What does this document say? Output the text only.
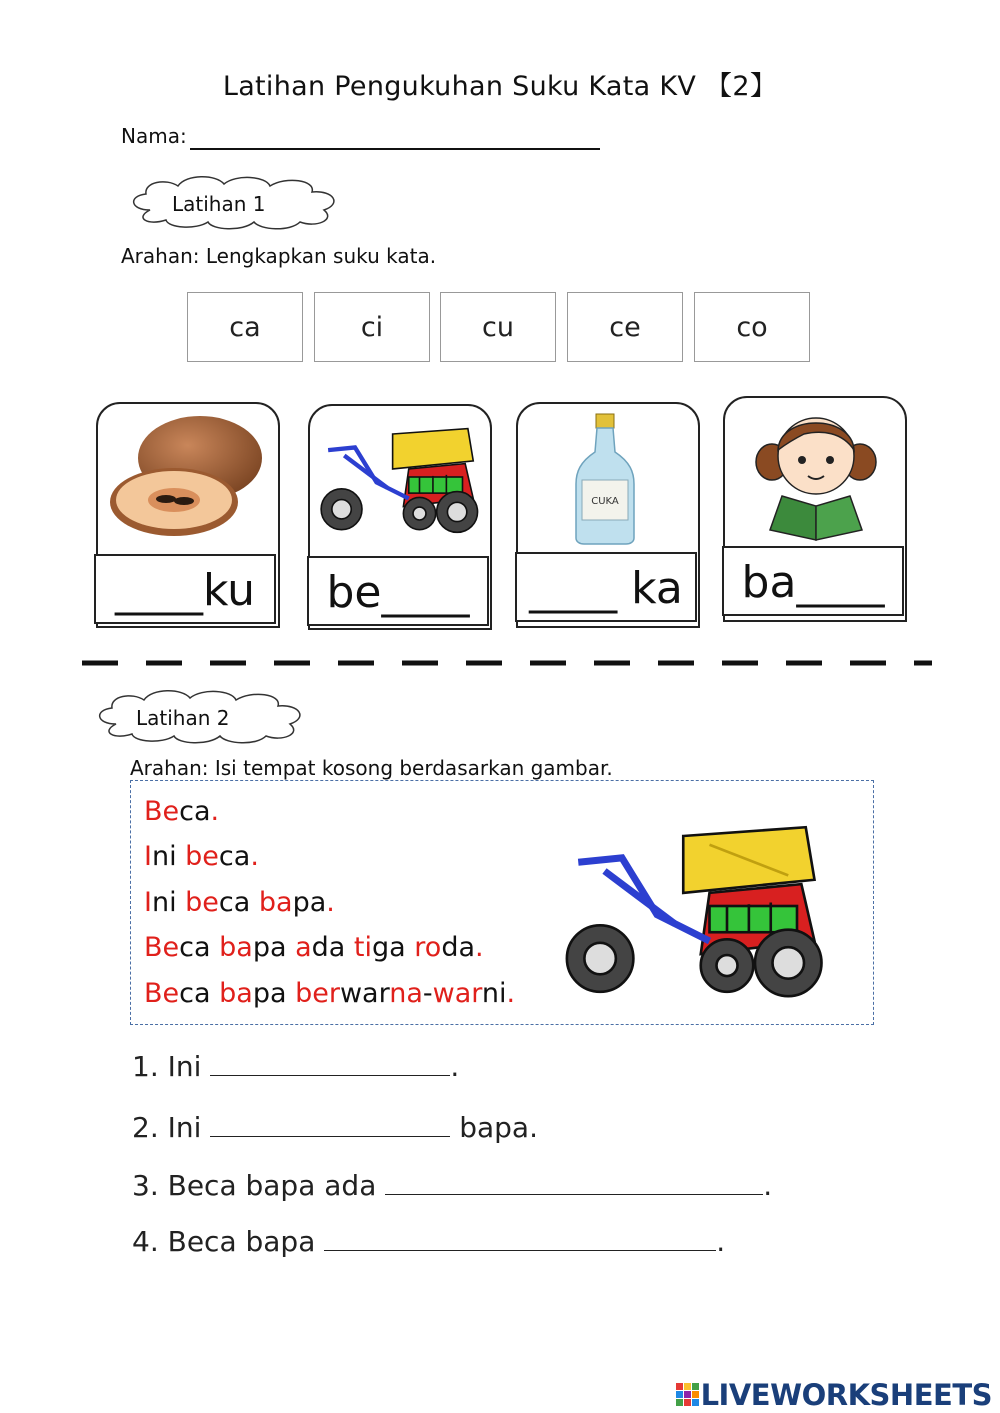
Latihan Pengukuhan Suku Kata KV 【2】
Nama:
Latihan 1
Arahan: Lengkapkan suku kata.
ca	ci	cu	ce	co
____ku	be____
CUKA
____ ka	ba____
Latihan 2
Arahan: Isi tempat kosong berdasarkan gambar.
Beca.
Ini beca.
Ini beca bapa.
Beca bapa ada tiga roda.
Beca bapa berwarna-warni.
1. Ini	.
2. Ini	bapa.
3. Beca bapa ada	.
4. Beca bapa	.
LIVEWORKSHEETS
